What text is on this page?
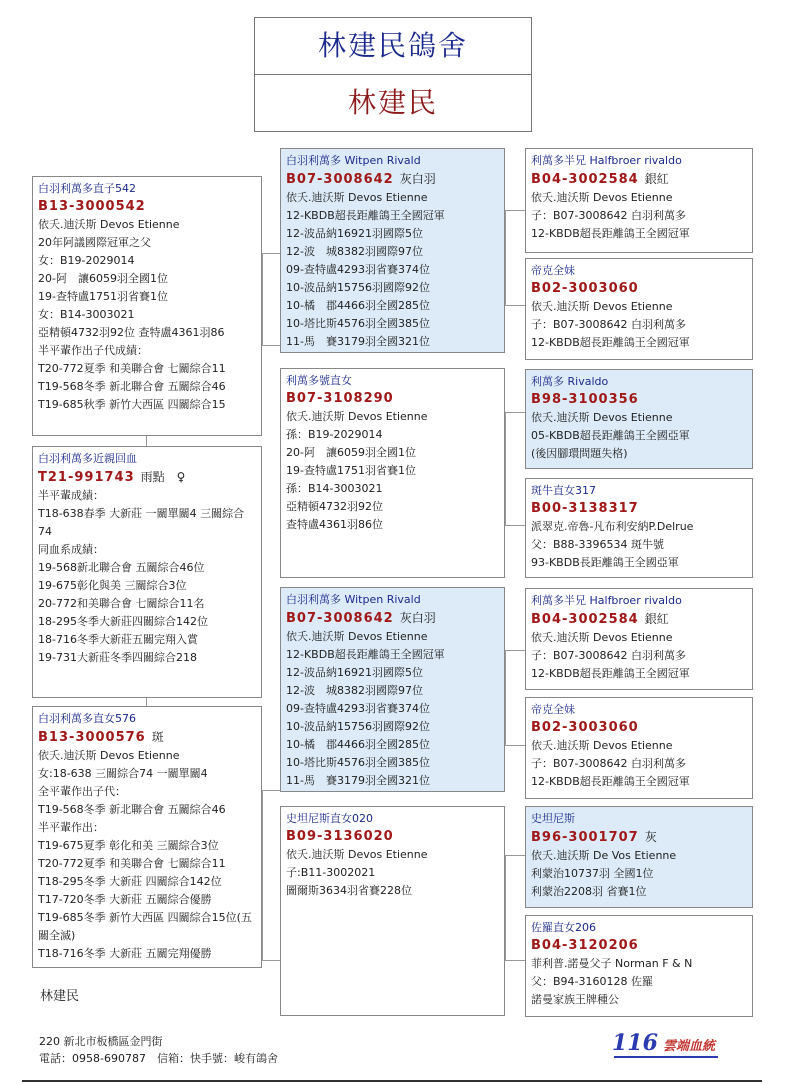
林建民鴿舍
林建民
白羽利萬多直子542
B13-3000542
依夭.迪沃斯 Devos Etienne
20年阿議國際冠軍之父
女：B19-2029014
20-阿　讓6059羽全國1位
19-查特盧1751羽省賽1位
女：B14-3003021
亞精頓4732羽92位 查特盧4361羽86
半平輩作出子代成績：
T20-772夏季 和美聯合會 七關綜合11
T19-568冬季 新北聯合會 五關綜合46
T19-685秋季 新竹大西區 四關綜合15
白羽利萬多近親回血
T21-991743 雨點　♀
半平輩成績：
T18-638春季 大新莊 一關單關4 三關綜合74
同血系成績：
19-568新北聯合會 五關綜合46位
19-675彰化與美 三關綜合3位
20-772和美聯合會 七關綜合11名
18-295冬季大新莊四關綜合142位
18-716冬季大新莊五關完翔入賞
19-731大新莊冬季四關綜合218
白羽利萬多直女576
B13-3000576 斑
依夭.迪沃斯 Devos Etienne
女:18-638 三關綜合74 一關單關4
全平輩作出子代：
T19-568冬季 新北聯合會 五關綜合46
半平輩作出：
T19-675夏季 彰化和美 三關綜合3位
T20-772夏季 和美聯合會 七關綜合11
T18-295冬季 大新莊 四關綜合142位
T17-720冬季 大新莊 五關綜合優勝
T19-685冬季 新竹大西區 四關綜合15位(五關全滅)
T18-716冬季 大新莊 五關完翔優勝
白羽利萬多 Witpen Rivald
B07-3008642 灰白羽
依夭.迪沃斯 Devos Etienne
12-KBDB超長距離鴿王全國冠軍
12-波品納16921羽國際5位
12-波　城8382羽國際97位
09-查特盧4293羽省賽374位
10-波品納15756羽國際92位
10-橘　郡4466羽全國285位
10-塔比斯4576羽全國385位
11-馬　賽3179羽全國321位
利萬多號直女
B07-3108290
依夭.迪沃斯 Devos Etienne
孫：B19-2029014
20-阿　讓6059羽全國1位
19-查特盧1751羽省賽1位
孫：B14-3003021
亞精頓4732羽92位
查特盧4361羽86位
白羽利萬多 Witpen Rivald
B07-3008642 灰白羽
依夭.迪沃斯 Devos Etienne
12-KBDB超長距離鴿王全國冠軍
12-波品納16921羽國際5位
12-波　城8382羽國際97位
09-查特盧4293羽省賽374位
10-波品納15756羽國際92位
10-橘　郡4466羽全國285位
10-塔比斯4576羽全國385位
11-馬　賽3179羽全國321位
史坦尼斯直女020
B09-3136020
依夭.迪沃斯 Devos Etienne
子:B11-3002021
圖爾斯3634羽省賽228位
利萬多半兄 Halfbroer rivaldo
B04-3002584 銀紅
依夭.迪沃斯 Devos Etienne
子：B07-3008642 白羽利萬多
12-KBDB超長距離鴿王全國冠軍
帝克全妹
B02-3003060
依夭.迪沃斯 Devos Etienne
子：B07-3008642 白羽利萬多
12-KBDB超長距離鴿王全國冠軍
利萬多 Rivaldo
B98-3100356
依夭.迪沃斯 Devos Etienne
05-KBDB超長距離鴿王全國亞軍
(後因腳環問題失格)
斑牛直女317
B00-3138317
派翠克.帝魯-凡布利安納P.Delrue
父：B88-3396534 斑牛號
93-KBDB長距離鴿王全國亞軍
利萬多半兄 Halfbroer rivaldo
B04-3002584 銀紅
依夭.迪沃斯 Devos Etienne
子：B07-3008642 白羽利萬多
12-KBDB超長距離鴿王全國冠軍
帝克全妹
B02-3003060
依夭.迪沃斯 Devos Etienne
子：B07-3008642 白羽利萬多
12-KBDB超長距離鴿王全國冠軍
史坦尼斯
B96-3001707 灰
依夭.迪沃斯 De Vos Etienne
利蒙治10737羽 全國1位
利蒙治2208羽 省賽1位
佐羅直女206
B04-3120206
菲利普.諾曼父子 Norman F & N
父：B94-3160128 佐羅
諾曼家族王牌種公
林建民
220 新北市板橋區金門街
電話：0958-690787　信箱：快手號：峻有鴿舍
116 雲端血統
